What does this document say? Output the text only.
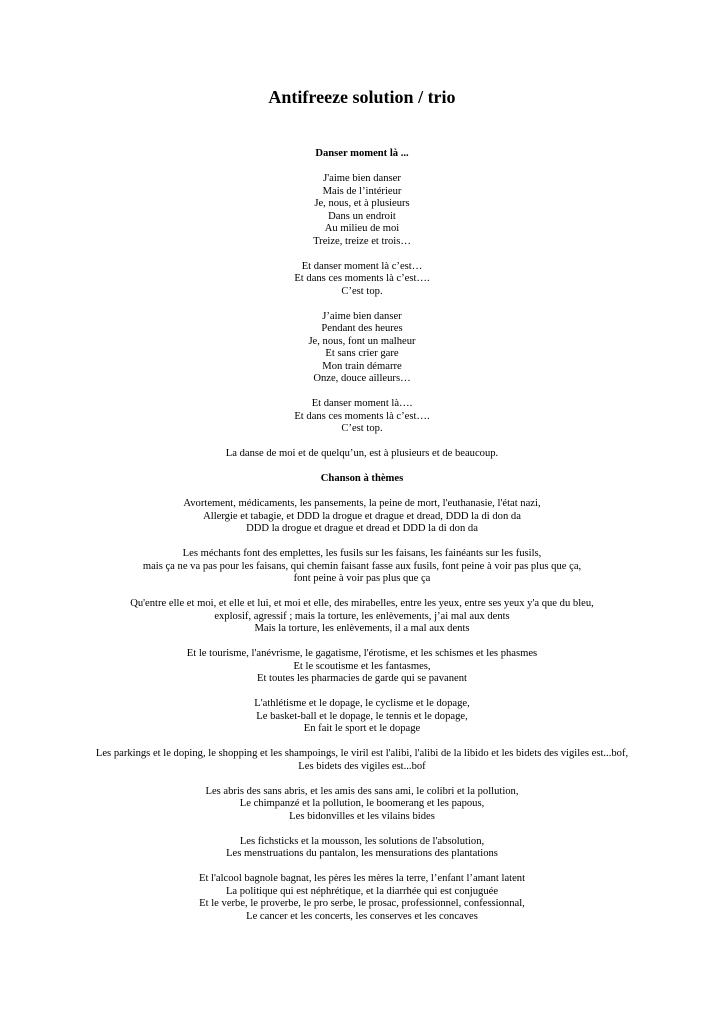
Antifreeze solution / trio

Danser moment là ...

J'aime bien danser

Mais de l’intérieur

Je, nous, et à plusieurs

Dans un endroit

Au milieu de moi

Treize, treize et trois…

Et danser moment là c’est…

Et dans ces moments là c’est….

C’est top.

J’aime bien danser

Pendant des heures

Je, nous, font un malheur

Et sans crier gare

Mon train démarre

Onze, douce ailleurs…

Et danser moment là….

Et dans ces moments là c’est….

C’est top.

La danse de moi et de quelqu’un, est à plusieurs et de beaucoup.

Chanson à thèmes

Avortement, médicaments, les pansements, la peine de mort, l'euthanasie, l'état nazi,

Allergie et tabagie, et DDD la drogue et drague et dread, DDD la di don da

DDD la drogue et drague et dread et DDD la di don da

Les méchants font des emplettes, les fusils sur les faisans, les fainéants sur les fusils,

mais ça ne va pas pour les faisans, qui chemin faisant fasse aux fusils, font peine à voir pas plus que ça,

font peine à voir pas plus que ça

Qu'entre elle et moi, et elle et lui, et moi et elle, des mirabelles, entre les yeux, entre ses yeux y'a que du bleu,

explosif, agressif ; mais la torture, les enlèvements, j’ai mal aux dents

Mais la torture, les enlèvements, il a mal aux dents

Et le tourisme, l'anévrisme, le gagatisme, l'érotisme, et les schismes et les phasmes

Et le scoutisme et les fantasmes,

Et toutes les pharmacies de garde qui se pavanent

L'athlétisme et le dopage, le cyclisme et le dopage,

Le basket-ball et le dopage, le tennis et le dopage,

En fait le sport et le dopage

Les parkings et le doping, le shopping et les shampoings, le viril est l'alibi, l'alibi de la libido et les bidets des vigiles est...bof,

Les bidets des vigiles est...bof

Les abris des sans abris, et les amis des sans ami, le colibri et la pollution,

Le chimpanzé et la pollution, le boomerang et les papous,

Les bidonvilles et les vilains bides

Les fichsticks et la mousson, les solutions de l'absolution,

Les menstruations du pantalon, les mensurations des plantations

Et l'alcool bagnole bagnat, les pères les mères la terre, l’enfant l’amant latent

La politique qui est néphrétique, et la diarrhée qui est conjuguée

Et le verbe, le proverbe, le pro serbe, le prosac, professionnel, confessionnal,

Le cancer et les concerts, les conserves et les concaves
